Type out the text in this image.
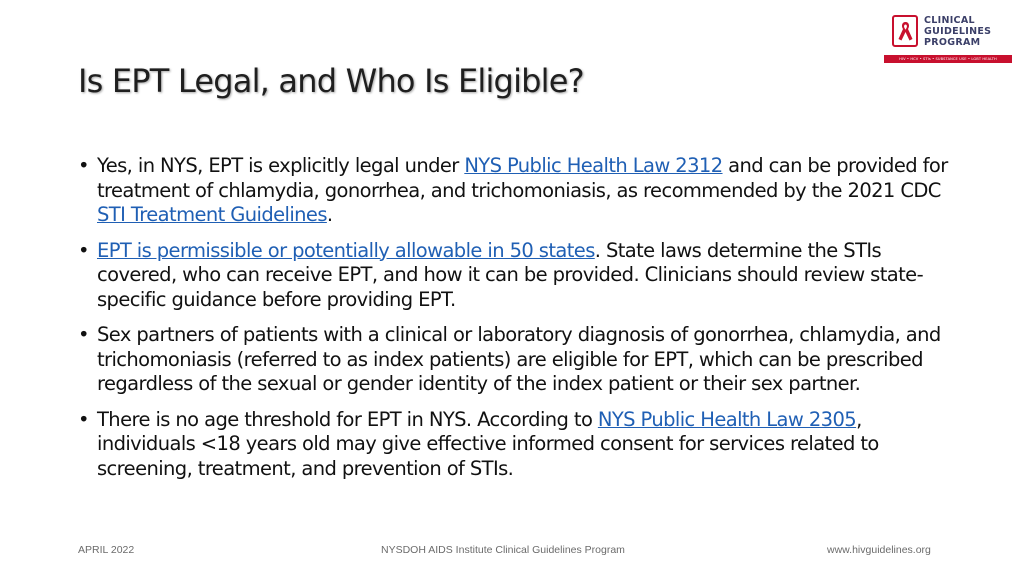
Is EPT Legal, and Who Is Eligible?
CLINICAL
GUIDELINES
PROGRAM
HIV • HCV • STIs • SUBSTANCE USE • LGBT HEALTH
• Yes, in NYS, EPT is explicitly legal under NYS Public Health Law 2312 and can be provided for treatment of chlamydia, gonorrhea, and trichomoniasis, as recommended by the 2021 CDC STI Treatment Guidelines.
• EPT is permissible or potentially allowable in 50 states. State laws determine the STIs covered, who can receive EPT, and how it can be provided. Clinicians should review state-specific guidance before providing EPT.
• Sex partners of patients with a clinical or laboratory diagnosis of gonorrhea, chlamydia, and trichomoniasis (referred to as index patients) are eligible for EPT, which can be prescribed regardless of the sexual or gender identity of the index patient or their sex partner.
• There is no age threshold for EPT in NYS. According to NYS Public Health Law 2305, individuals <18 years old may give effective informed consent for services related to screening, treatment, and prevention of STIs.
APRIL 2022	NYSDOH AIDS Institute Clinical Guidelines Program	www.hivguidelines.org
